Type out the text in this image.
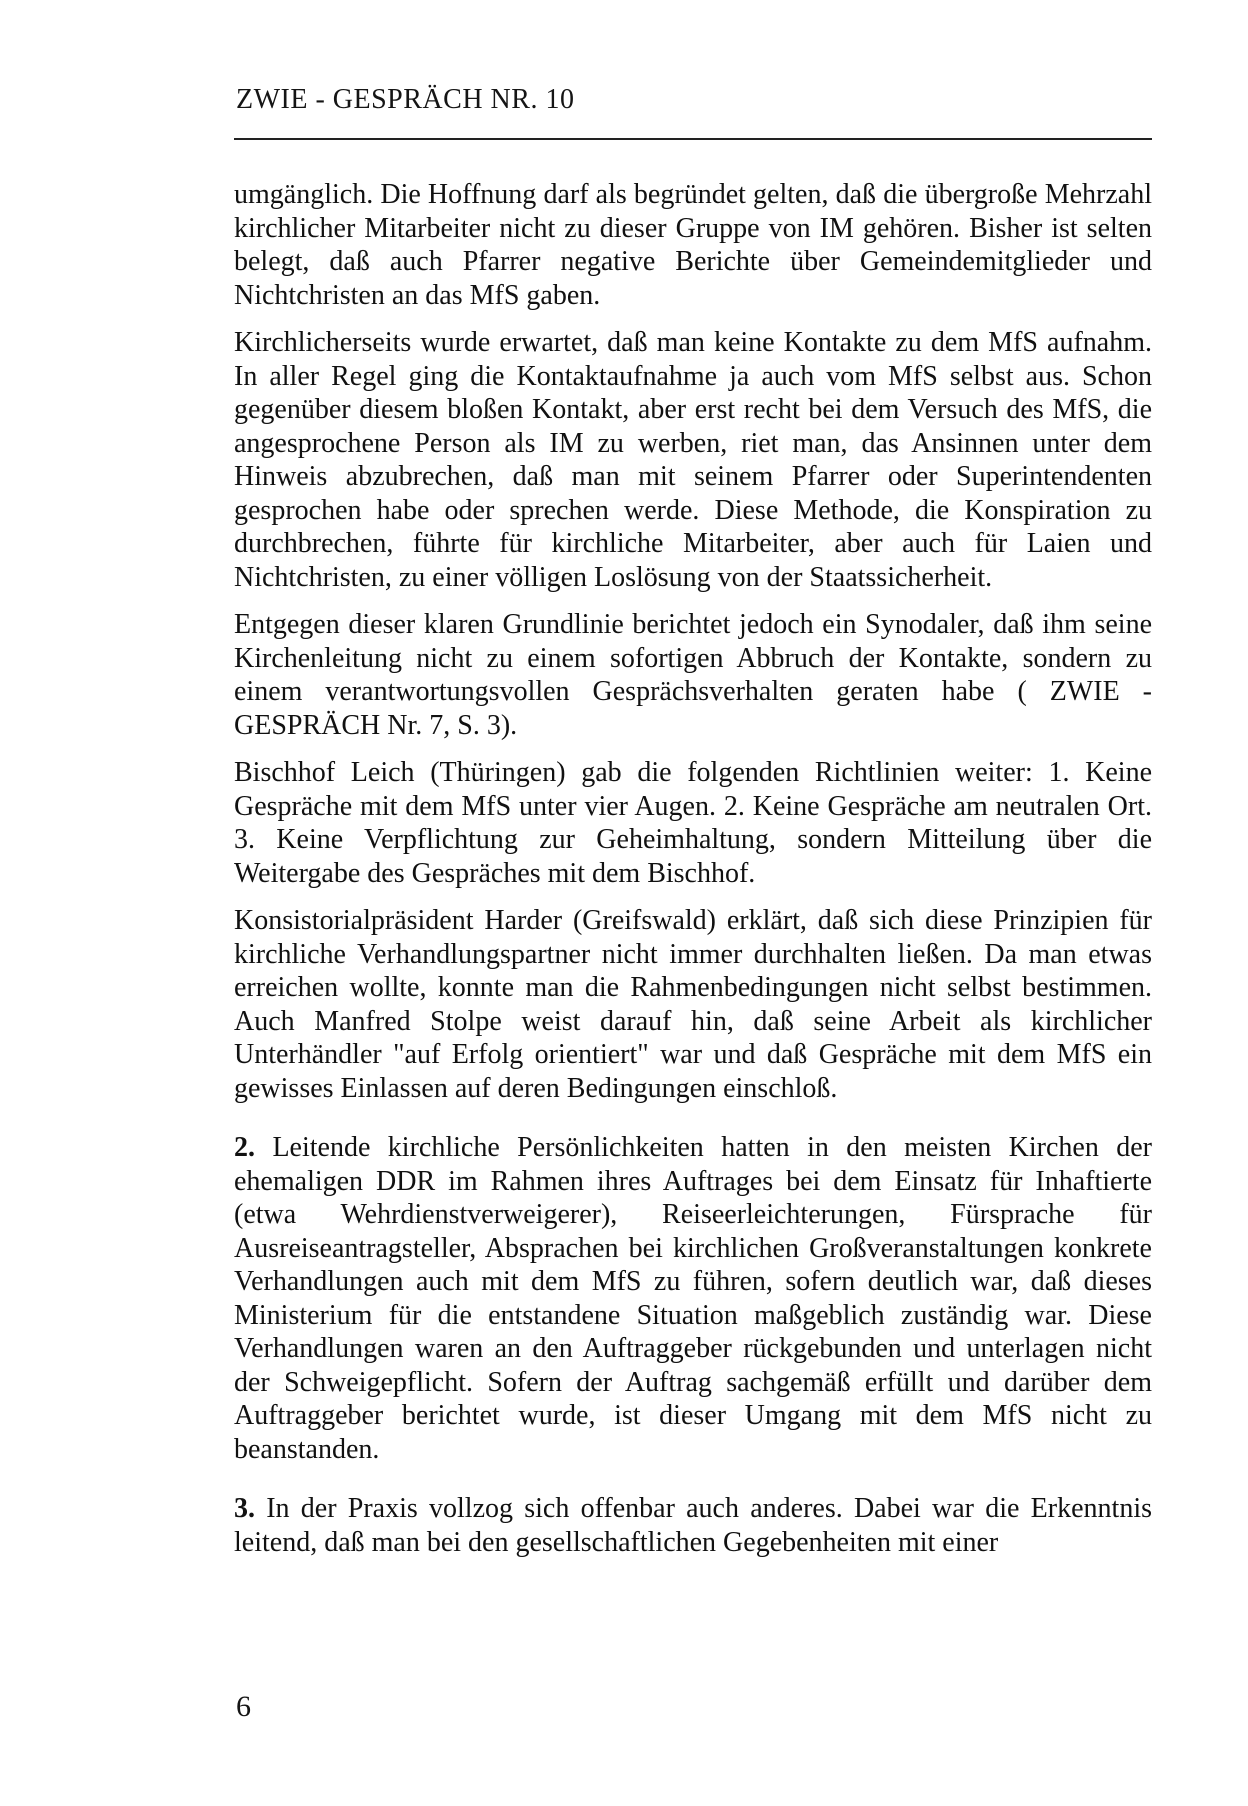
ZWIE - GESPRÄCH NR. 10

umgänglich. Die Hoffnung darf als begründet gelten, daß die übergroße Mehrzahl kirchlicher Mitarbeiter nicht zu dieser Gruppe von IM gehören. Bisher ist selten belegt, daß auch Pfarrer negative Berichte über Gemeindemitglieder und Nichtchristen an das MfS gaben.

Kirchlicherseits wurde erwartet, daß man keine Kontakte zu dem MfS aufnahm. In aller Regel ging die Kontaktaufnahme ja auch vom MfS selbst aus. Schon gegenüber diesem bloßen Kontakt, aber erst recht bei dem Versuch des MfS, die angesprochene Person als IM zu werben, riet man, das Ansinnen unter dem Hinweis abzubrechen, daß man mit seinem Pfarrer oder Superintendenten gesprochen habe oder sprechen werde. Diese Methode, die Konspiration zu durchbrechen, führte für kirchliche Mitarbeiter, aber auch für Laien und Nichtchristen, zu einer völligen Loslösung von der Staatssicherheit.

Entgegen dieser klaren Grundlinie berichtet jedoch ein Synodaler, daß ihm seine Kirchenleitung nicht zu einem sofortigen Abbruch der Kontakte, sondern zu einem verantwortungsvollen Gesprächsverhalten geraten habe ( ZWIE - GESPRÄCH Nr. 7, S. 3).

Bischhof Leich (Thüringen) gab die folgenden Richtlinien weiter: 1. Keine Gespräche mit dem MfS unter vier Augen. 2. Keine Gespräche am neutralen Ort. 3. Keine Verpflichtung zur Geheimhaltung, sondern Mitteilung über die Weitergabe des Gespräches mit dem Bischhof.

Konsistorialpräsident Harder (Greifswald) erklärt, daß sich diese Prinzipien für kirchliche Verhandlungspartner nicht immer durchhalten ließen. Da man etwas erreichen wollte, konnte man die Rahmenbedingungen nicht selbst bestimmen. Auch Manfred Stolpe weist darauf hin, daß seine Arbeit als kirchlicher Unterhändler "auf Erfolg orientiert" war und daß Gespräche mit dem MfS ein gewisses Einlassen auf deren Bedingungen einschloß.

2. Leitende kirchliche Persönlichkeiten hatten in den meisten Kirchen der ehemaligen DDR im Rahmen ihres Auftrages bei dem Einsatz für Inhaftierte (etwa Wehrdienstverweigerer), Reiseerleichterungen, Fürsprache für Ausreiseantragsteller, Absprachen bei kirchlichen Großveranstaltungen konkrete Verhandlungen auch mit dem MfS zu führen, sofern deutlich war, daß dieses Ministerium für die entstandene Situation maßgeblich zuständig war. Diese Verhandlungen waren an den Auftraggeber rückgebunden und unterlagen nicht der Schweigepflicht. Sofern der Auftrag sachgemäß erfüllt und darüber dem Auftraggeber berichtet wurde, ist dieser Umgang mit dem MfS nicht zu beanstanden.

3. In der Praxis vollzog sich offenbar auch anderes. Dabei war die Erkenntnis leitend, daß man bei den gesellschaftlichen Gegebenheiten mit einer

6
